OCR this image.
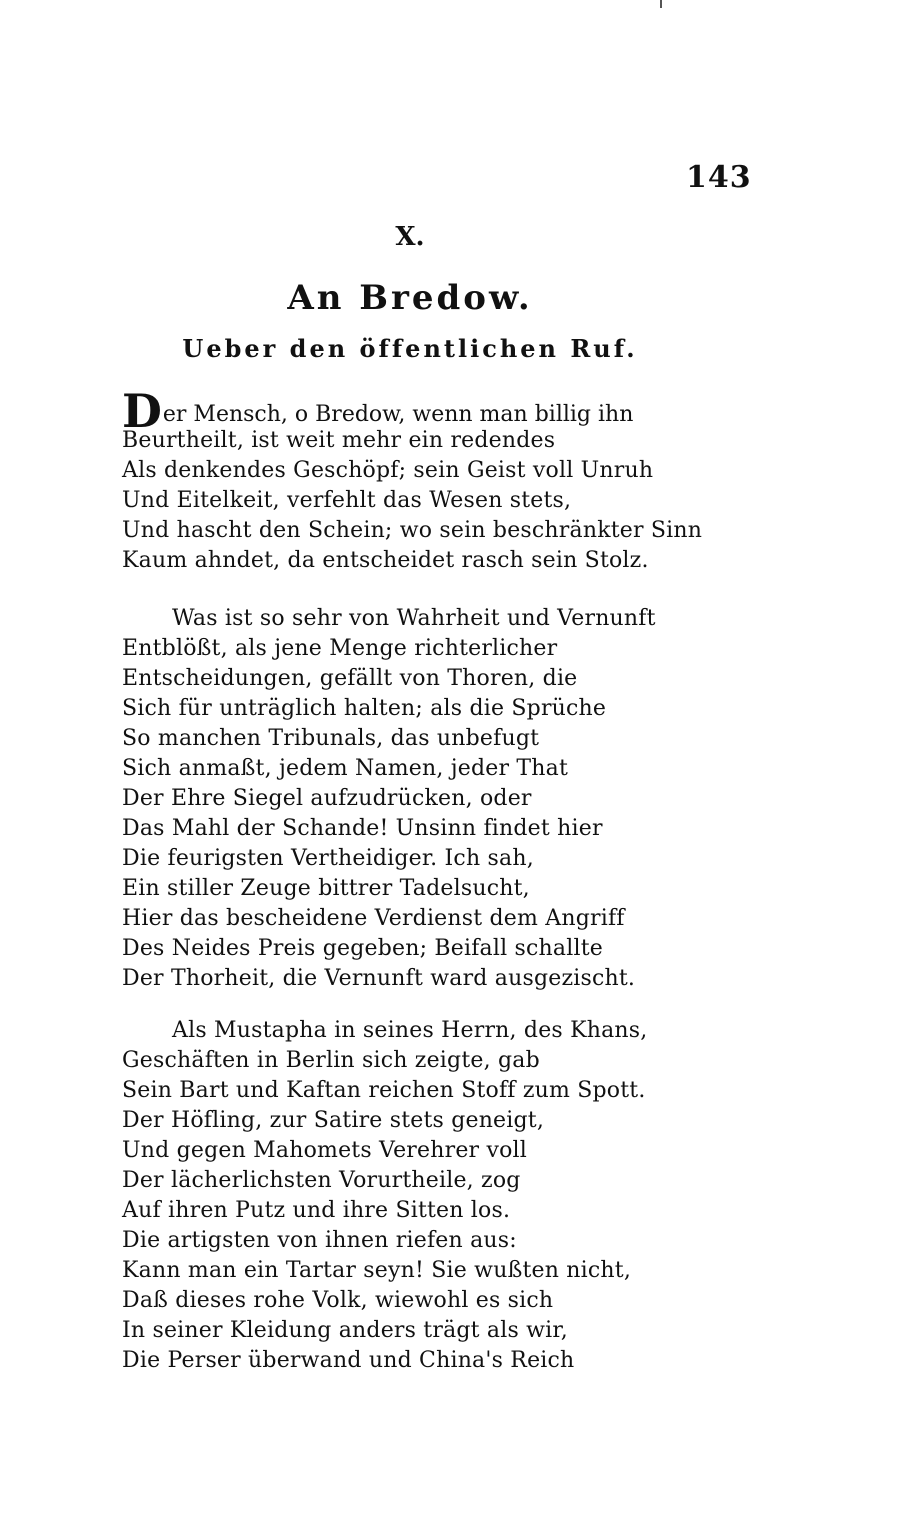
143
X.
An Bredow.
Ueber den öffentlichen Ruf.
Der Mensch, o Bredow, wenn man billig ihn
Beurtheilt, ist weit mehr ein redendes
Als denkendes Geschöpf; sein Geist voll Unruh
Und Eitelkeit, verfehlt das Wesen stets,
Und hascht den Schein; wo sein beschränkter Sinn
Kaum ahndet, da entscheidet rasch sein Stolz.
Was ist so sehr von Wahrheit und Vernunft
Entblößt, als jene Menge richterlicher
Entscheidungen, gefällt von Thoren, die
Sich für unträglich halten; als die Sprüche
So manchen Tribunals, das unbefugt
Sich anmaßt, jedem Namen, jeder That
Der Ehre Siegel aufzudrücken, oder
Das Mahl der Schande! Unsinn findet hier
Die feurigsten Vertheidiger. Ich sah,
Ein stiller Zeuge bittrer Tadelsucht,
Hier das bescheidene Verdienst dem Angriff
Des Neides Preis gegeben; Beifall schallte
Der Thorheit, die Vernunft ward ausgezischt.
Als Mustapha in seines Herrn, des Khans,
Geschäften in Berlin sich zeigte, gab
Sein Bart und Kaftan reichen Stoff zum Spott.
Der Höfling, zur Satire stets geneigt,
Und gegen Mahomets Verehrer voll
Der lächerlichsten Vorurtheile, zog
Auf ihren Putz und ihre Sitten los.
Die artigsten von ihnen riefen aus:
Kann man ein Tartar seyn! Sie wußten nicht,
Daß dieses rohe Volk, wiewohl es sich
In seiner Kleidung anders trägt als wir,
Die Perser überwand und China's Reich
